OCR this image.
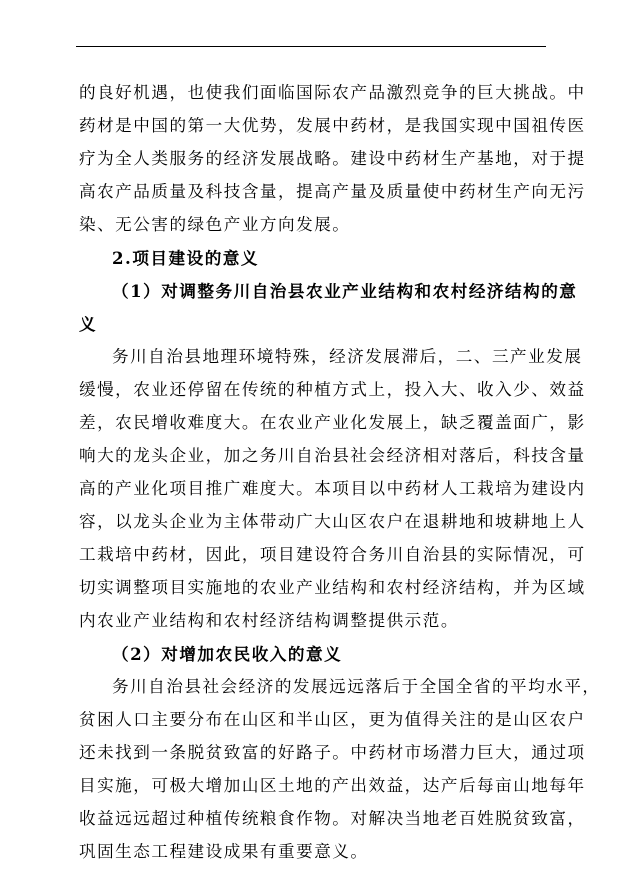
的良好机遇，也使我们面临国际农产品激烈竞争的巨大挑战。中
药材是中国的第一大优势，发展中药材，是我国实现中国祖传医
疗为全人类服务的经济发展战略。建设中药材生产基地，对于提
高农产品质量及科技含量，提高产量及质量使中药材生产向无污
染、无公害的绿色产业方向发展。
2.项目建设的意义
（1）对调整务川自治县农业产业结构和农村经济结构的意
义
务川自治县地理环境特殊，经济发展滞后，二、三产业发展
缓慢，农业还停留在传统的种植方式上，投入大、收入少、效益
差，农民增收难度大。在农业产业化发展上，缺乏覆盖面广，影
响大的龙头企业，加之务川自治县社会经济相对落后，科技含量
高的产业化项目推广难度大。本项目以中药材人工栽培为建设内
容，以龙头企业为主体带动广大山区农户在退耕地和坡耕地上人
工栽培中药材，因此，项目建设符合务川自治县的实际情况，可
切实调整项目实施地的农业产业结构和农村经济结构，并为区域
内农业产业结构和农村经济结构调整提供示范。
（2）对增加农民收入的意义
务川自治县社会经济的发展远远落后于全国全省的平均水平，
贫困人口主要分布在山区和半山区，更为值得关注的是山区农户
还未找到一条脱贫致富的好路子。中药材市场潜力巨大，通过项
目实施，可极大增加山区土地的产出效益，达产后每亩山地每年
收益远远超过种植传统粮食作物。对解决当地老百姓脱贫致富，
巩固生态工程建设成果有重要意义。
